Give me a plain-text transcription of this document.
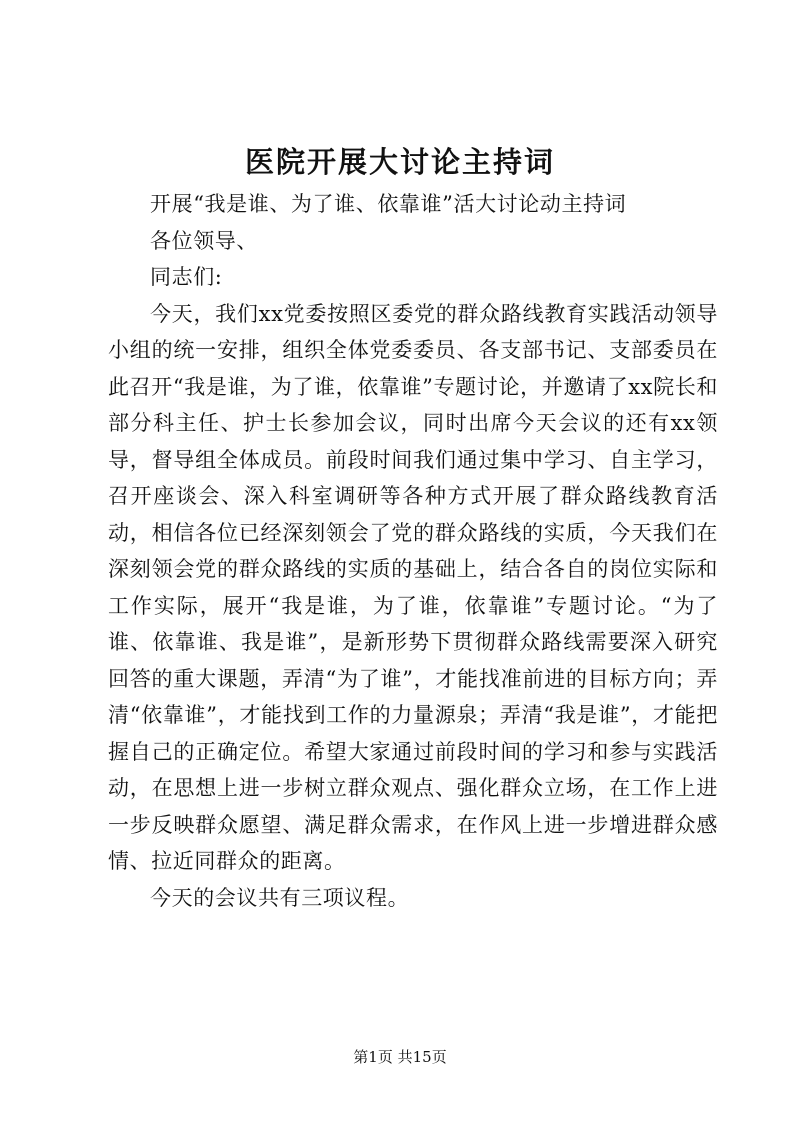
医院开展大讨论主持词

开展“我是谁、为了谁、依靠谁”活大讨论动主持词

各位领导、

同志们:

今天，我们xx党委按照区委党的群众路线教育实践活动领导小组的统一安排，组织全体党委委员、各支部书记、支部委员在此召开“我是谁，为了谁，依靠谁”专题讨论，并邀请了xx院长和部分科主任、护士长参加会议，同时出席今天会议的还有xx领导，督导组全体成员。前段时间我们通过集中学习、自主学习，召开座谈会、深入科室调研等各种方式开展了群众路线教育活动，相信各位已经深刻领会了党的群众路线的实质，今天我们在深刻领会党的群众路线的实质的基础上，结合各自的岗位实际和工作实际，展开“我是谁，为了谁，依靠谁”专题讨论。“为了谁、依靠谁、我是谁”，是新形势下贯彻群众路线需要深入研究回答的重大课题，弄清“为了谁”，才能找准前进的目标方向；弄清“依靠谁”，才能找到工作的力量源泉；弄清“我是谁”，才能把握自己的正确定位。希望大家通过前段时间的学习和参与实践活动，在思想上进一步树立群众观点、强化群众立场，在工作上进一步反映群众愿望、满足群众需求，在作风上进一步增进群众感情、拉近同群众的距离。

今天的会议共有三项议程。

第1页 共15页
